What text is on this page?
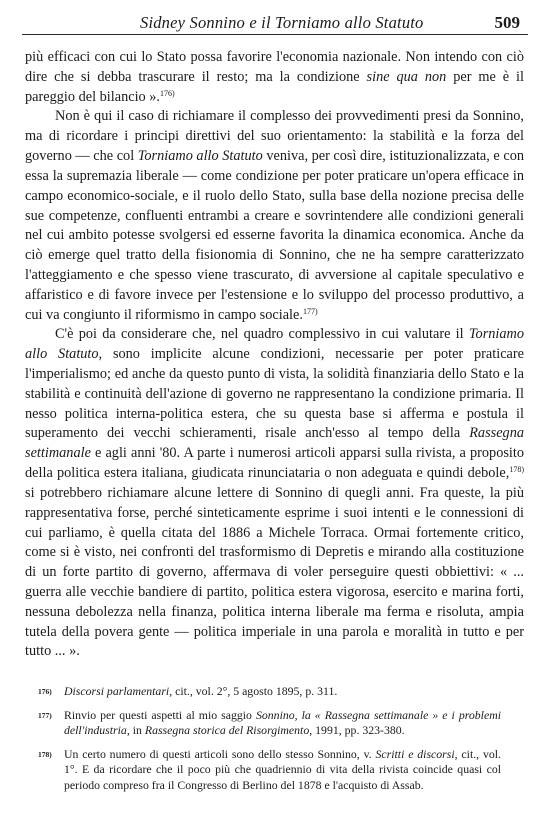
Sidney Sonnino e il Torniamo allo Statuto	509

più efficaci con cui lo Stato possa favorire l'economia nazionale. Non intendo con ciò dire che si debba trascurare il resto; ma la condizione sine qua non per me è il pareggio del bilancio ».$^{176)}$

Non è qui il caso di richiamare il complesso dei provvedimenti presi da Sonnino, ma di ricordare i principi direttivi del suo orientamento: la stabilità e la forza del governo — che col Torniamo allo Statuto veniva, per così dire, istituzionalizzata, e con essa la supremazia liberale — come condizione per poter praticare un'opera efficace in campo economico-sociale, e il ruolo dello Stato, sulla base della nozione precisa delle sue competenze, confluenti entrambi a creare e sovrintendere alle condizioni generali nel cui ambito potesse svolgersi ed esserne favorita la dinamica economica. Anche da ciò emerge quel tratto della fisionomia di Sonnino, che ne ha sempre caratterizzato l'atteggiamento e che spesso viene trascurato, di avversione al capitale speculativo e affaristico e di favore invece per l'estensione e lo sviluppo del processo produttivo, a cui va congiunto il riformismo in campo sociale.$^{177)}$

C'è poi da considerare che, nel quadro complessivo in cui valutare il Torniamo allo Statuto, sono implicite alcune condizioni, necessarie per poter praticare l'imperialismo; ed anche da questo punto di vista, la solidità finanziaria dello Stato e la stabilità e continuità dell'azione di governo ne rappresentano la condizione primaria. Il nesso politica interna-politica estera, che su questa base si afferma e postula il superamento dei vecchi schieramenti, risale anch'esso al tempo della Rassegna settimanale e agli anni '80. A parte i numerosi articoli apparsi sulla rivista, a proposito della politica estera italiana, giudicata rinunciataria o non adeguata e quindi debole,$^{178)}$ si potrebbero richiamare alcune lettere di Sonnino di quegli anni. Fra queste, la più rappresentativa forse, perché sinteticamente esprime i suoi intenti e le connessioni di cui parliamo, è quella citata del 1886 a Michele Torraca. Ormai fortemente critico, come si è visto, nei confronti del trasformismo di Depretis e mirando alla costituzione di un forte partito di governo, affermava di voler perseguire questi obbiettivi: « ... guerra alle vecchie bandiere di partito, politica estera vigorosa, esercito e marina forti, nessuna debolezza nella finanza, politica interna liberale ma ferma e risoluta, ampia tutela della povera gente — politica imperiale in una parola e moralità in tutto e per tutto ... ».

176) Discorsi parlamentari, cit., vol. 2°, 5 agosto 1895, p. 311.
177) Rinvio per questi aspetti al mio saggio Sonnino, la « Rassegna settimanale » e i problemi dell'industria, in Rassegna storica del Risorgimento, 1991, pp. 323-380.
178) Un certo numero di questi articoli sono dello stesso Sonnino, v. Scritti e discorsi, cit., vol. 1°. E da ricordare che il poco più che quadriennio di vita della rivista coincide quasi col periodo compreso fra il Congresso di Berlino del 1878 e l'acquisto di Assab.
